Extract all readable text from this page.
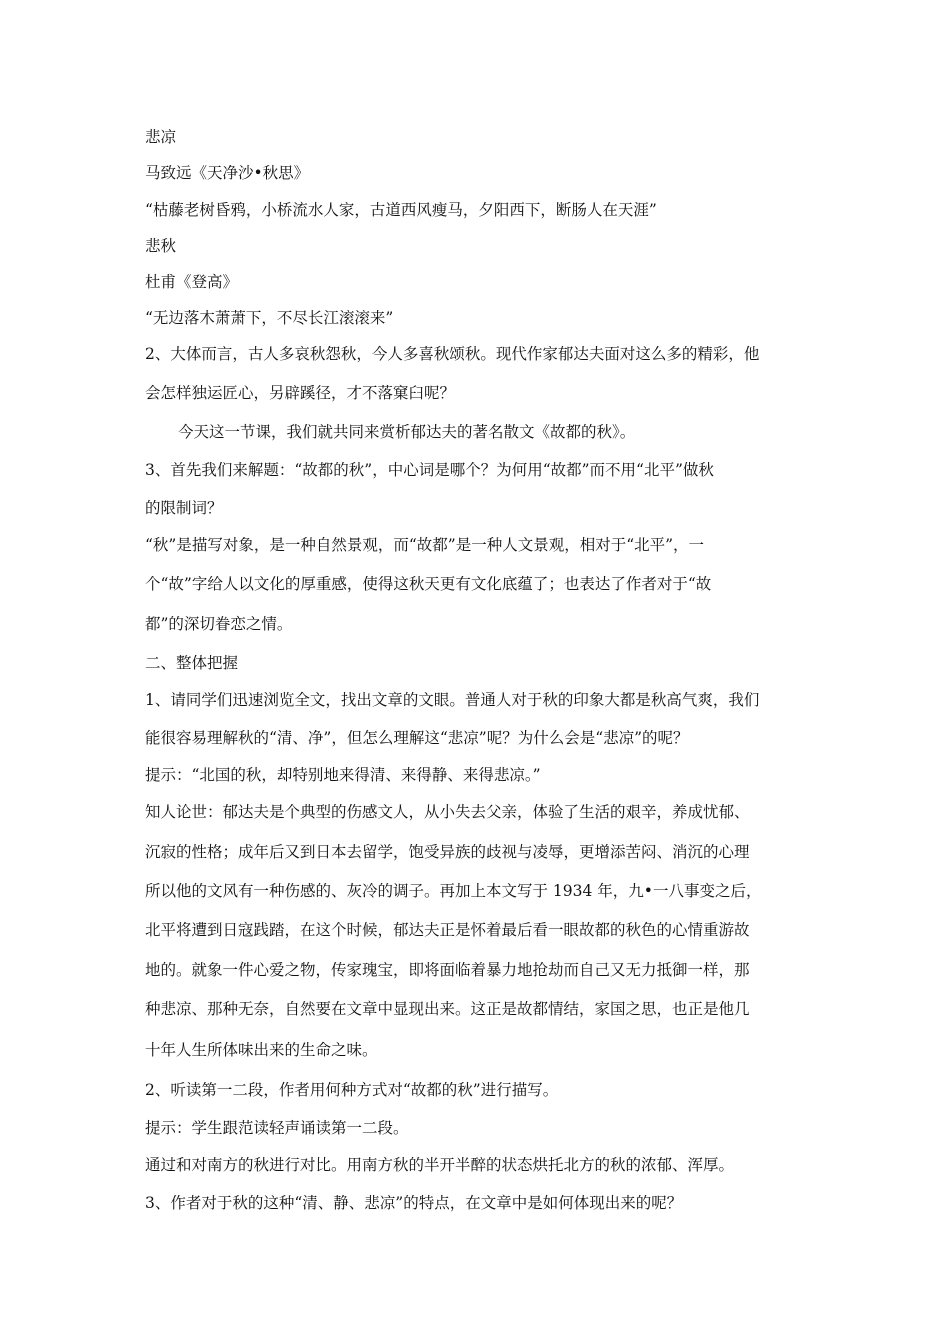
悲凉
马致远《天净沙•秋思》
“枯藤老树昏鸦，小桥流水人家，古道西风瘦马，夕阳西下，断肠人在天涯”
悲秋
杜甫《登高》
“无边落木萧萧下，不尽长江滚滚来”
2、大体而言，古人多哀秋怨秋，今人多喜秋颂秋。现代作家郁达夫面对这么多的精彩，他
会怎样独运匠心，另辟蹊径，才不落窠臼呢？
今天这一节课，我们就共同来赏析郁达夫的著名散文《故都的秋》。
3、首先我们来解题：“故都的秋”，中心词是哪个？为何用“故都”而不用“北平”做秋
的限制词？
“秋”是描写对象，是一种自然景观，而“故都”是一种人文景观，相对于“北平”，一
个“故”字给人以文化的厚重感，使得这秋天更有文化底蕴了；也表达了作者对于“故
都”的深切眷恋之情。
二、整体把握
1、请同学们迅速浏览全文，找出文章的文眼。普通人对于秋的印象大都是秋高气爽，我们
能很容易理解秋的“清、净”，但怎么理解这“悲凉”呢？为什么会是“悲凉”的呢？
提示：“北国的秋，却特别地来得清、来得静、来得悲凉。”
知人论世：郁达夫是个典型的伤感文人，从小失去父亲，体验了生活的艰辛，养成忧郁、
沉寂的性格；成年后又到日本去留学，饱受异族的歧视与凌辱，更增添苦闷、消沉的心理
所以他的文风有一种伤感的、灰冷的调子。再加上本文写于 1934 年，九•一八事变之后，
北平将遭到日寇践踏，在这个时候，郁达夫正是怀着最后看一眼故都的秋色的心情重游故
地的。就象一件心爱之物，传家瑰宝，即将面临着暴力地抢劫而自己又无力抵御一样，那
种悲凉、那种无奈，自然要在文章中显现出来。这正是故都情结，家国之思，也正是他几
十年人生所体味出来的生命之味。
2、听读第一二段，作者用何种方式对“故都的秋”进行描写。
提示：学生跟范读轻声诵读第一二段。
通过和对南方的秋进行对比。用南方秋的半开半醉的状态烘托北方的秋的浓郁、浑厚。
3、作者对于秋的这种“清、静、悲凉”的特点，在文章中是如何体现出来的呢？
